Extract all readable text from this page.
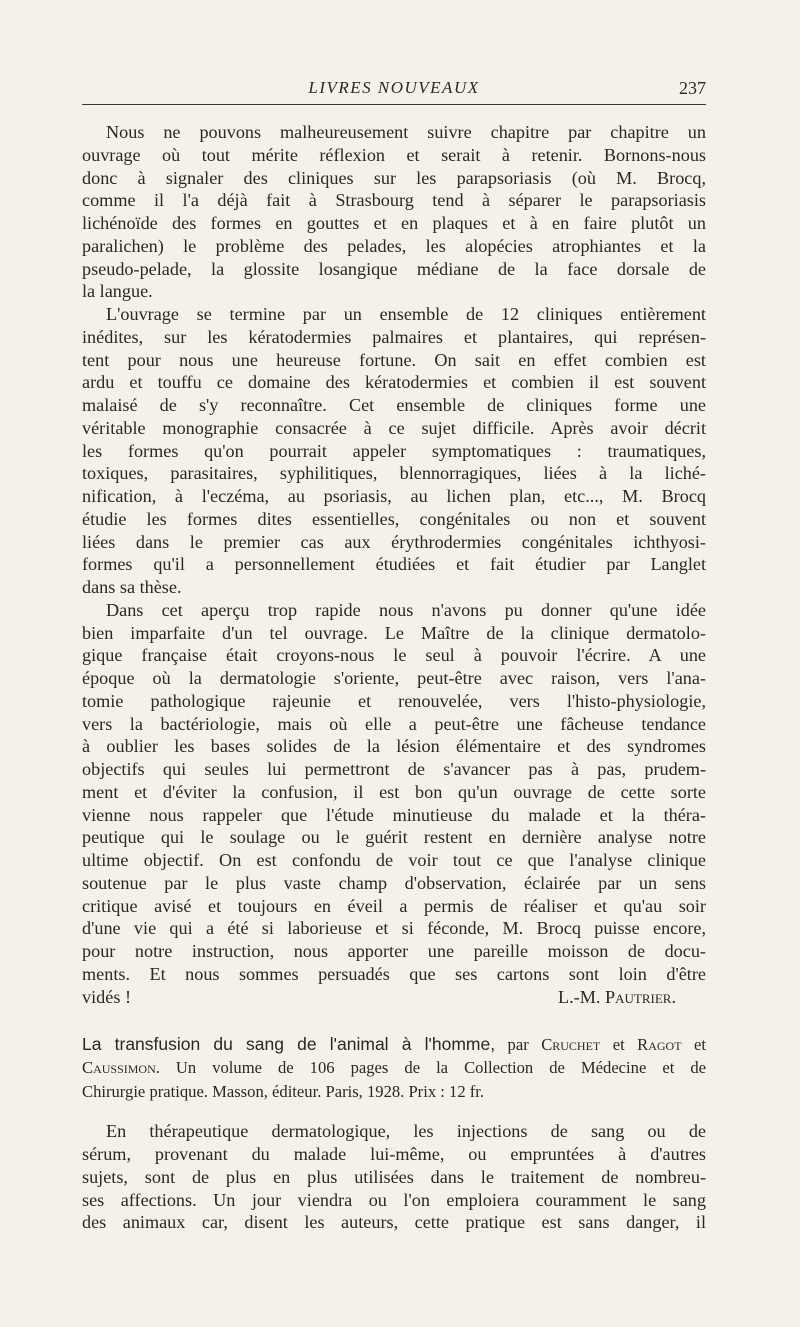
LIVRES NOUVEAUX	237
Nous ne pouvons malheureusement suivre chapitre par chapitre un
ouvrage où tout mérite réflexion et serait à retenir. Bornons-nous
donc à signaler des cliniques sur les parapsoriasis (où M. Brocq,
comme il l'a déjà fait à Strasbourg tend à séparer le parapsoriasis
lichénoïde des formes en gouttes et en plaques et à en faire plutôt un
paralichen) le problème des pelades, les alopécies atrophiantes et la
pseudo-pelade, la glossite losangique médiane de la face dorsale de
la langue.
L'ouvrage se termine par un ensemble de 12 cliniques entièrement
inédites, sur les kératodermies palmaires et plantaires, qui représen-
tent pour nous une heureuse fortune. On sait en effet combien est
ardu et touffu ce domaine des kératodermies et combien il est souvent
malaisé de s'y reconnaître. Cet ensemble de cliniques forme une
véritable monographie consacrée à ce sujet difficile. Après avoir décrit
les formes qu'on pourrait appeler symptomatiques : traumatiques,
toxiques, parasitaires, syphilitiques, blennorragiques, liées à la liché-
nification, à l'eczéma, au psoriasis, au lichen plan, etc..., M. Brocq
étudie les formes dites essentielles, congénitales ou non et souvent
liées dans le premier cas aux érythrodermies congénitales ichthyosi-
formes qu'il a personnellement étudiées et fait étudier par Langlet
dans sa thèse.
Dans cet aperçu trop rapide nous n'avons pu donner qu'une idée
bien imparfaite d'un tel ouvrage. Le Maître de la clinique dermatolo-
gique française était croyons-nous le seul à pouvoir l'écrire. A une
époque où la dermatologie s'oriente, peut-être avec raison, vers l'ana-
tomie pathologique rajeunie et renouvelée, vers l'histo-physiologie,
vers la bactériologie, mais où elle a peut-être une fâcheuse tendance
à oublier les bases solides de la lésion élémentaire et des syndromes
objectifs qui seules lui permettront de s'avancer pas à pas, prudem-
ment et d'éviter la confusion, il est bon qu'un ouvrage de cette sorte
vienne nous rappeler que l'étude minutieuse du malade et la théra-
peutique qui le soulage ou le guérit restent en dernière analyse notre
ultime objectif. On est confondu de voir tout ce que l'analyse clinique
soutenue par le plus vaste champ d'observation, éclairée par un sens
critique avisé et toujours en éveil a permis de réaliser et qu'au soir
d'une vie qui a été si laborieuse et si féconde, M. Brocq puisse encore,
pour notre instruction, nous apporter une pareille moisson de docu-
ments. Et nous sommes persuadés que ses cartons sont loin d'être
vidés !	L.-M. Pautrier.
La transfusion du sang de l'animal à l'homme, par Cruchet et Ragot et
Caussimon. Un volume de 106 pages de la Collection de Médecine et de
Chirurgie pratique. Masson, éditeur. Paris, 1928. Prix : 12 fr.
En thérapeutique dermatologique, les injections de sang ou de
sérum, provenant du malade lui-même, ou empruntées à d'autres
sujets, sont de plus en plus utilisées dans le traitement de nombreu-
ses affections. Un jour viendra ou l'on emploiera couramment le sang
des animaux car, disent les auteurs, cette pratique est sans danger, il
